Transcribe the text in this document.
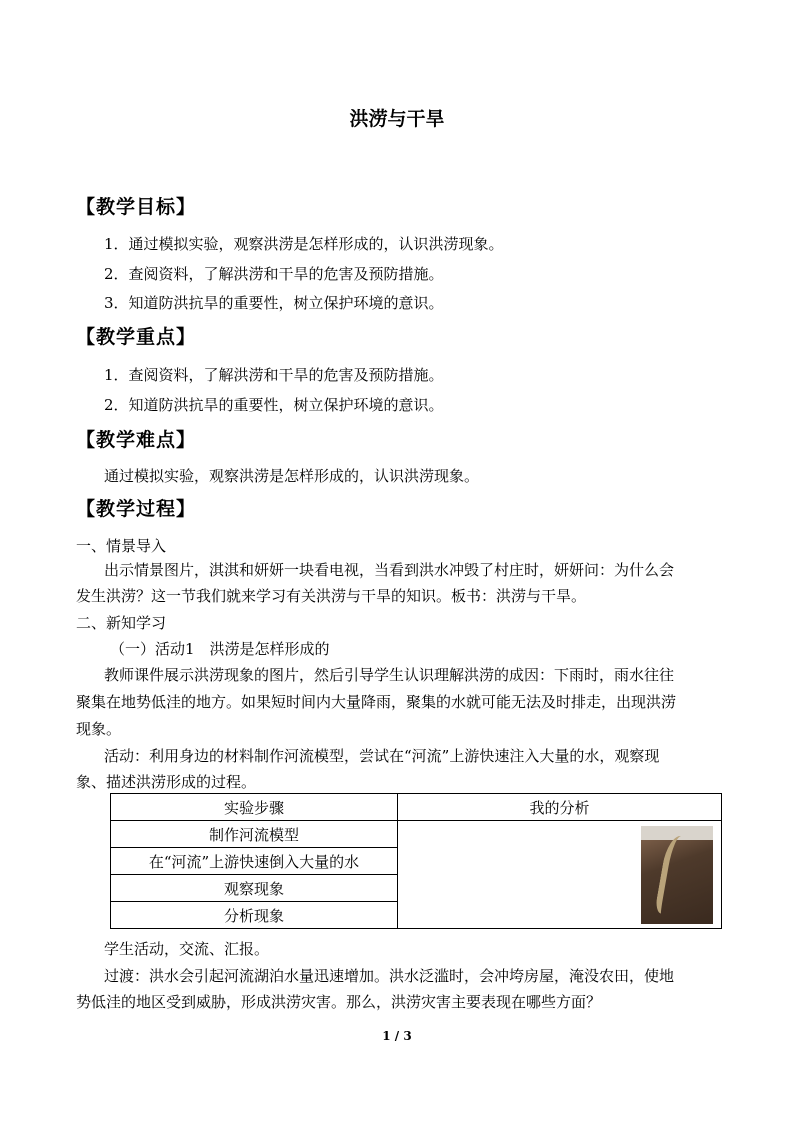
洪涝与干旱
【教学目标】
1．通过模拟实验，观察洪涝是怎样形成的，认识洪涝现象。
2．查阅资料，了解洪涝和干旱的危害及预防措施。
3．知道防洪抗旱的重要性，树立保护环境的意识。
【教学重点】
1．查阅资料，了解洪涝和干旱的危害及预防措施。
2．知道防洪抗旱的重要性，树立保护环境的意识。
【教学难点】
通过模拟实验，观察洪涝是怎样形成的，认识洪涝现象。
【教学过程】
一、情景导入
出示情景图片，淇淇和妍妍一块看电视，当看到洪水冲毁了村庄时，妍妍问：为什么会
发生洪涝？这一节我们就来学习有关洪涝与干旱的知识。板书：洪涝与干旱。
二、新知学习
（一）活动1　洪涝是怎样形成的
教师课件展示洪涝现象的图片，然后引导学生认识理解洪涝的成因：下雨时，雨水往往
聚集在地势低洼的地方。如果短时间内大量降雨，聚集的水就可能无法及时排走，出现洪涝
现象。
活动：利用身边的材料制作河流模型，尝试在“河流”上游快速注入大量的水，观察现
象、描述洪涝形成的过程。
实验步骤	我的分析
制作河流模型	

在“河流”上游快速倒入大量的水	
观察现象	
分析现象	
学生活动，交流、汇报。
过渡：洪水会引起河流湖泊水量迅速增加。洪水泛滥时，会冲垮房屋，淹没农田，使地
势低洼的地区受到威胁，形成洪涝灾害。那么，洪涝灾害主要表现在哪些方面？
1 / 3
